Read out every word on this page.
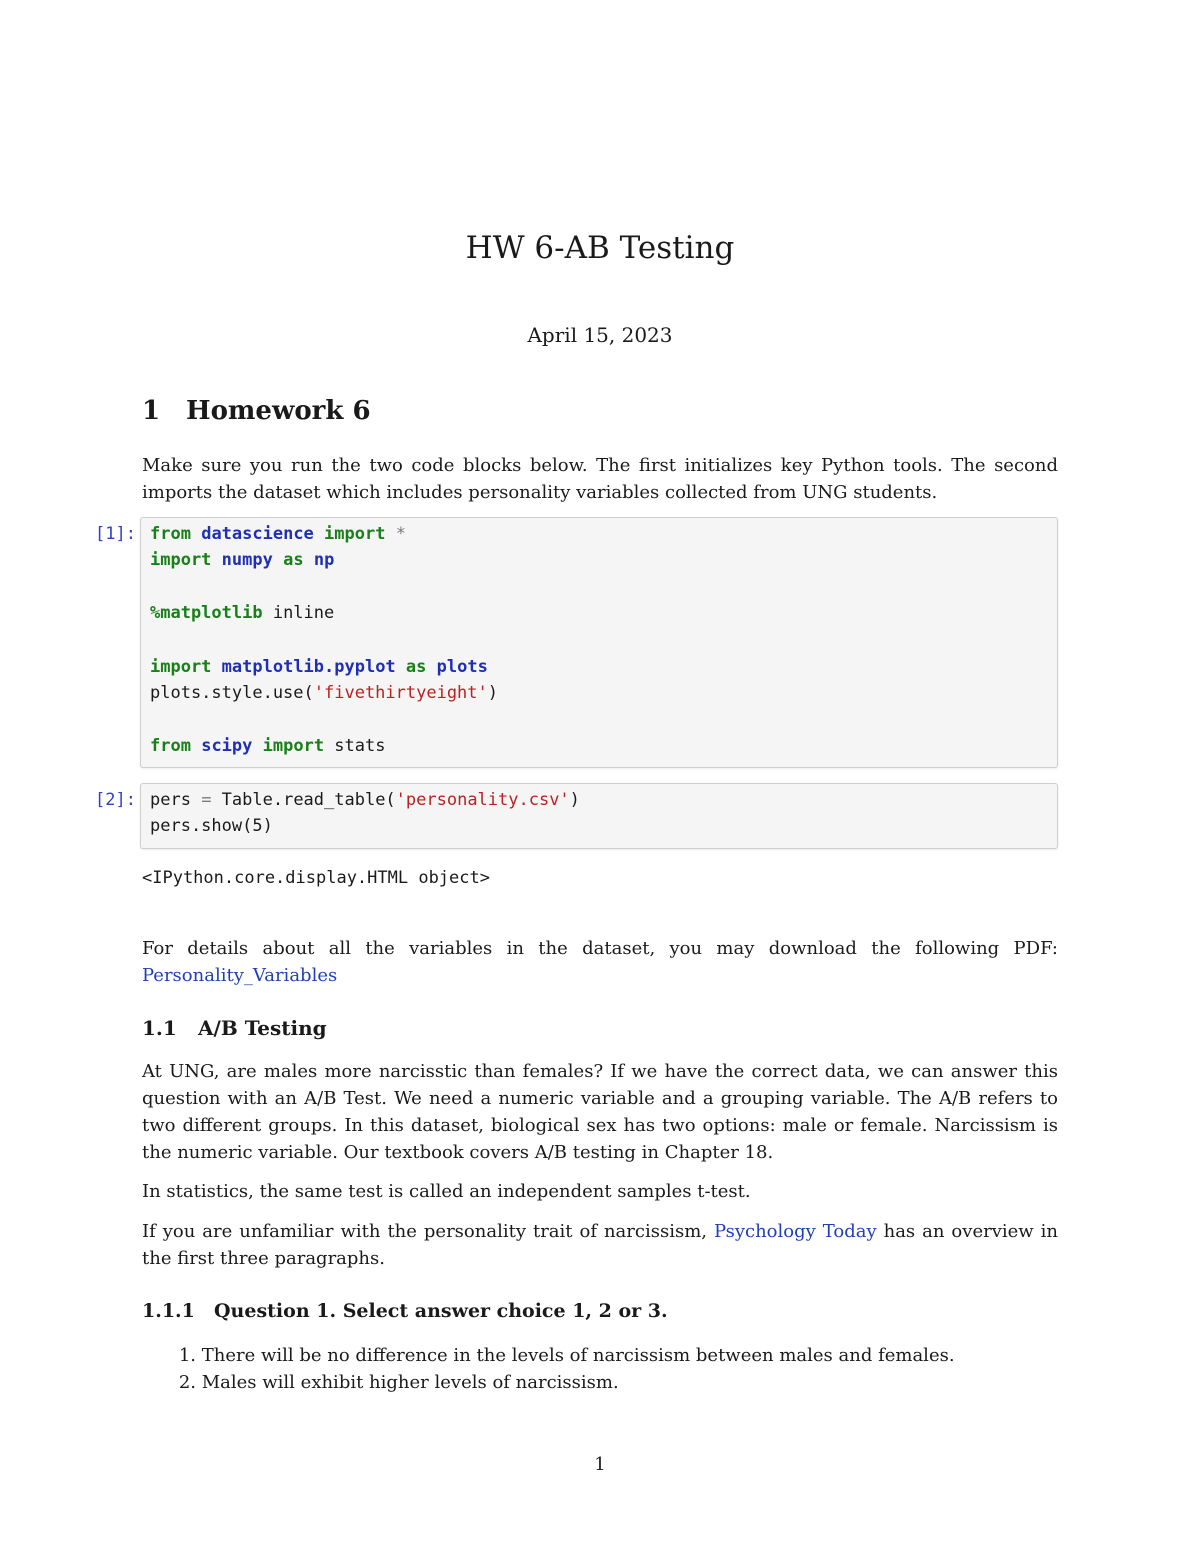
HW 6-AB Testing
April 15, 2023
1 Homework 6

Make sure you run the two code blocks below. The first initializes key Python tools. The second imports the dataset which includes personality variables collected from UNG students.

[1]: from datascience import *
import numpy as np
%matplotlib inline
import matplotlib.pyplot as plots
plots.style.use('fivethirtyeight')
from scipy import stats
[2]: pers = Table.read_table('personality.csv')
pers.show(5)
<IPython.core.display.HTML object>

For details about all the variables in the dataset, you may download the following PDF: Personality_Variables

1.1 A/B Testing

At UNG, are males more narcisstic than females? If we have the correct data, we can answer this question with an A/B Test. We need a numeric variable and a grouping variable. The A/B refers to two different groups. In this dataset, biological sex has two options: male or female. Narcissism is the numeric variable. Our textbook covers A/B testing in Chapter 18.

In statistics, the same test is called an independent samples t-test.

If you are unfamiliar with the personality trait of narcissism, Psychology Today has an overview in the first three paragraphs.

1.1.1 Question 1. Select answer choice 1, 2 or 3.
1. There will be no difference in the levels of narcissism between males and females.
2. Males will exhibit higher levels of narcissism.
1
